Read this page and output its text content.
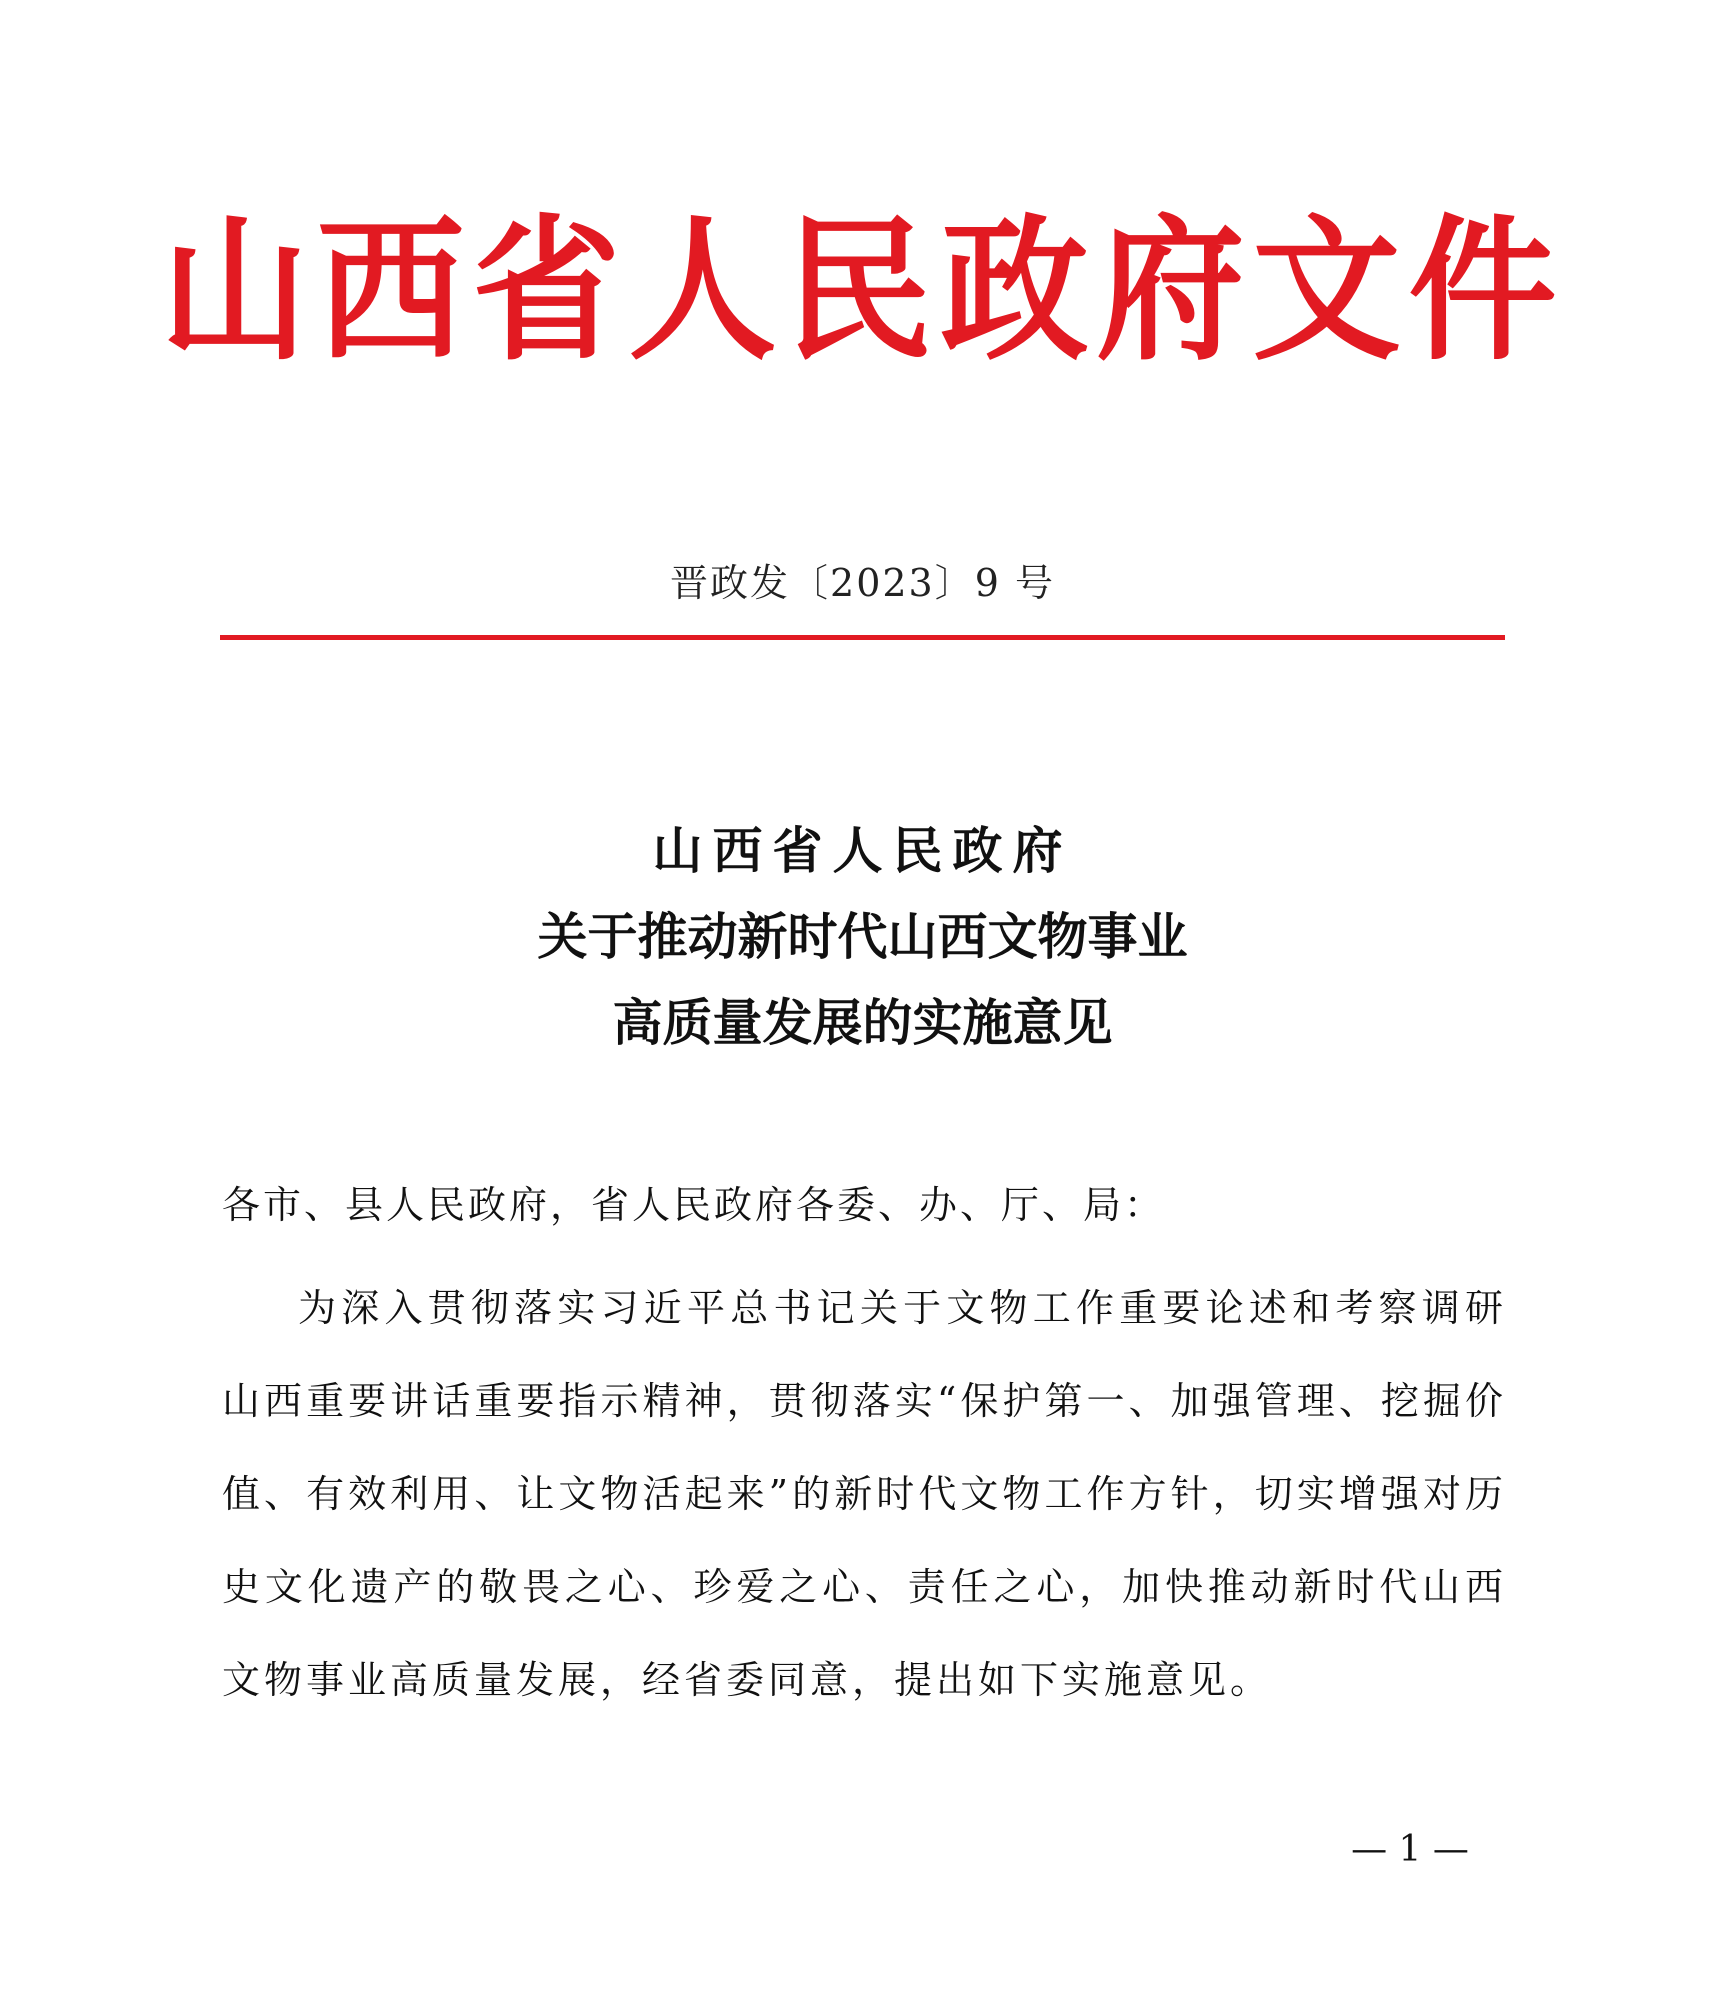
山西省人民政府文件
晋政发〔2023〕9 号
山西省人民政府
关于推动新时代山西文物事业
高质量发展的实施意见
各市、县人民政府，省人民政府各委、办、厅、局：

为深入贯彻落实习近平总书记关于文物工作重要论述和考察调研山西重要讲话重要指示精神，贯彻落实“保护第一、加强管理、挖掘价值、有效利用、让文物活起来”的新时代文物工作方针，切实增强对历史文化遗产的敬畏之心、珍爱之心、责任之心，加快推动新时代山西文物事业高质量发展，经省委同意，提出如下实施意见。

— 1 —
